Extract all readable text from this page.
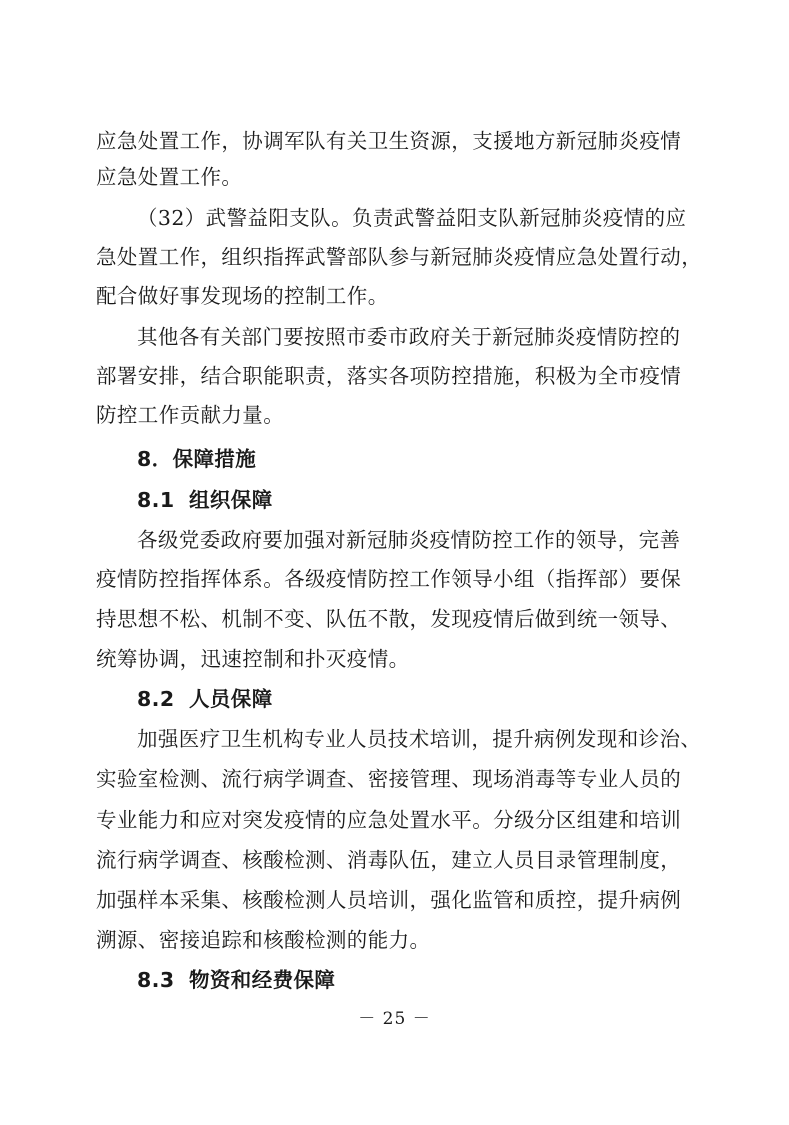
应急处置工作，协调军队有关卫生资源，支援地方新冠肺炎疫情
应急处置工作。
（32）武警益阳支队。负责武警益阳支队新冠肺炎疫情的应
急处置工作，组织指挥武警部队参与新冠肺炎疫情应急处置行动，
配合做好事发现场的控制工作。
其他各有关部门要按照市委市政府关于新冠肺炎疫情防控的
部署安排，结合职能职责，落实各项防控措施，积极为全市疫情
防控工作贡献力量。
8．保障措施
8.1 组织保障
各级党委政府要加强对新冠肺炎疫情防控工作的领导，完善
疫情防控指挥体系。各级疫情防控工作领导小组（指挥部）要保
持思想不松、机制不变、队伍不散，发现疫情后做到统一领导、
统筹协调，迅速控制和扑灭疫情。
8.2 人员保障
加强医疗卫生机构专业人员技术培训，提升病例发现和诊治、
实验室检测、流行病学调查、密接管理、现场消毒等专业人员的
专业能力和应对突发疫情的应急处置水平。分级分区组建和培训
流行病学调查、核酸检测、消毒队伍，建立人员目录管理制度，
加强样本采集、核酸检测人员培训，强化监管和质控，提升病例
溯源、密接追踪和核酸检测的能力。
8.3 物资和经费保障
－ 25 －
